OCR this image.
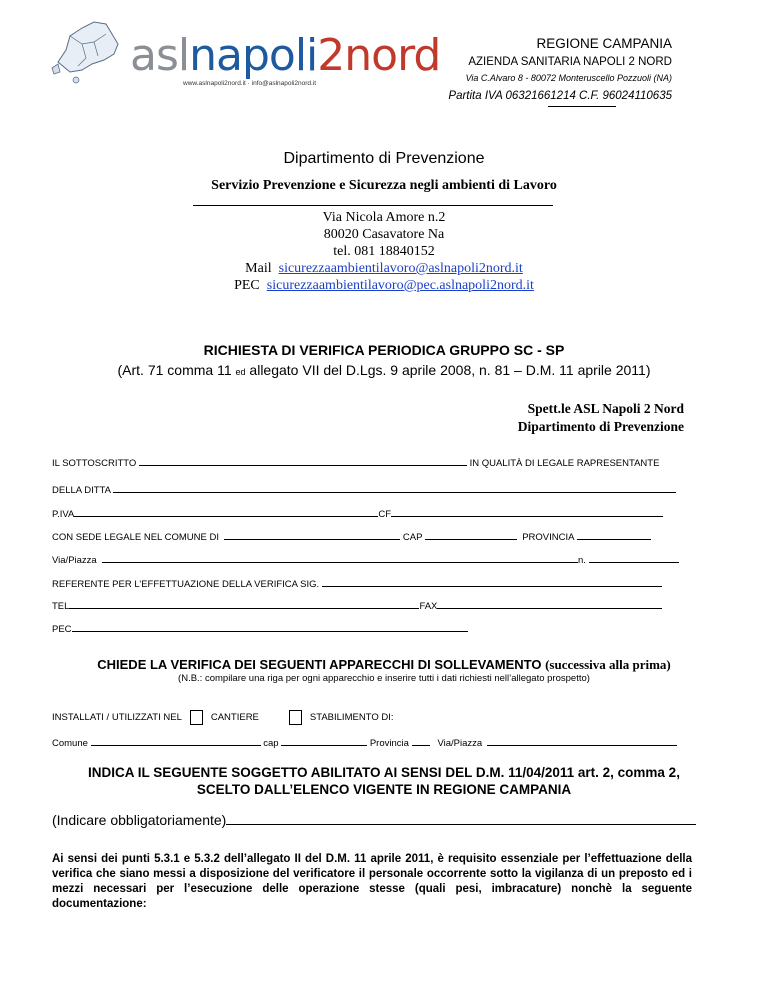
aslnapoli2nord
www.aslnapoli2nord.it · info@aslnapoli2nord.it
REGIONE CAMPANIA
AZIENDA SANITARIA NAPOLI 2 NORD
Via C.Alvaro 8 - 80072 Monteruscello Pozzuoli (NA)
Partita IVA 06321661214 C.F. 96024110635
Dipartimento di Prevenzione
Servizio Prevenzione e Sicurezza negli ambienti di Lavoro
Via Nicola Amore n.2
80020 Casavatore Na
tel. 081 18840152
Mail sicurezzaambientilavoro@aslnapoli2nord.it
PEC sicurezzaambientilavoro@pec.aslnapoli2nord.it
RICHIESTA DI VERIFICA PERIODICA GRUPPO SC - SP
(Art. 71 comma 11 ed allegato VII del D.Lgs. 9 aprile 2008, n. 81 – D.M. 11 aprile 2011)
Spett.le ASL Napoli 2 Nord
Dipartimento di Prevenzione
IL SOTTOSCRITTO	IN QUALITÀ DI LEGALE RAPRESENTANTE
DELLA DITTA
P.IVA	CF
CON SEDE LEGALE NEL COMUNE DI	CAP	PROVINCIA
Via/Piazza	n.
REFERENTE PER L’EFFETTUAZIONE DELLA VERIFICA SIG.
TEL	FAX
PEC
CHIEDE LA VERIFICA DEI SEGUENTI APPARECCHI DI SOLLEVAMENTO (successiva alla prima)
(N.B.: compilare una riga per ogni apparecchio e inserire tutti i dati richiesti nell’allegato prospetto)
INSTALLATI / UTILIZZATI NEL	CANTIERE	STABILIMENTO DI:
Comune	cap	Provincia	Via/Piazza
INDICA IL SEGUENTE SOGGETTO ABILITATO AI SENSI DEL D.M. 11/04/2011 art. 2, comma 2,
SCELTO DALL’ELENCO VIGENTE IN REGIONE CAMPANIA
(Indicare obbligatoriamente)
Ai sensi dei punti 5.3.1 e 5.3.2 dell’allegato II del D.M. 11 aprile 2011, è requisito essenziale per l’effettuazione della verifica che siano messi a disposizione del verificatore il personale occorrente sotto la vigilanza di un preposto ed i mezzi necessari per l’esecuzione delle operazione stesse (quali pesi, imbracature) nonchè la seguente documentazione:
